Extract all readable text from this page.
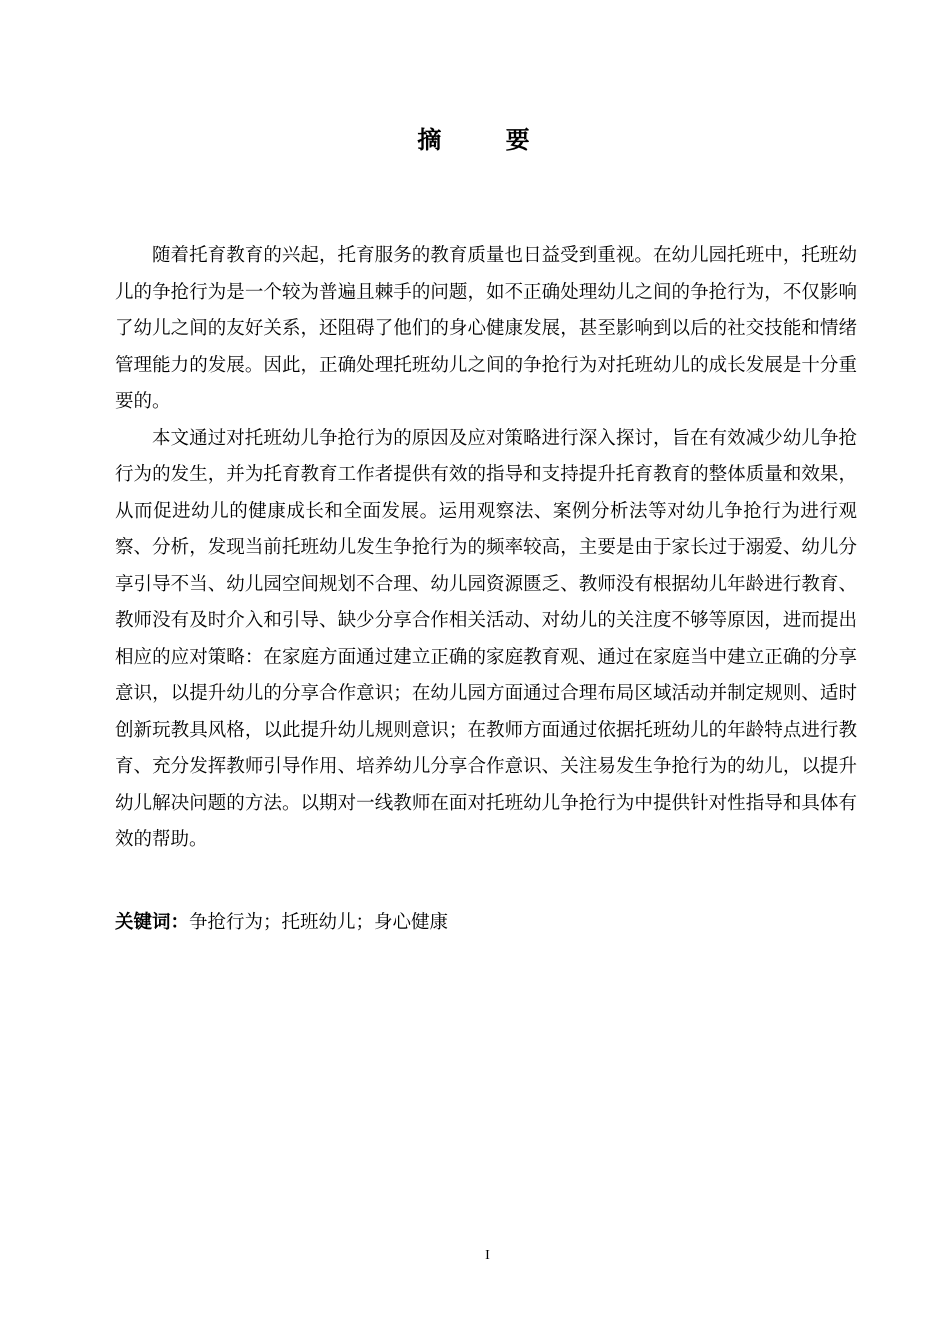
摘 要

随着托育教育的兴起，托育服务的教育质量也日益受到重视。在幼儿园托班中，托班幼儿的争抢行为是一个较为普遍且棘手的问题，如不正确处理幼儿之间的争抢行为，不仅影响了幼儿之间的友好关系，还阻碍了他们的身心健康发展，甚至影响到以后的社交技能和情绪管理能力的发展。因此，正确处理托班幼儿之间的争抢行为对托班幼儿的成长发展是十分重要的。

本文通过对托班幼儿争抢行为的原因及应对策略进行深入探讨，旨在有效减少幼儿争抢行为的发生，并为托育教育工作者提供有效的指导和支持提升托育教育的整体质量和效果，从而促进幼儿的健康成长和全面发展。运用观察法、案例分析法等对幼儿争抢行为进行观察、分析，发现当前托班幼儿发生争抢行为的频率较高，主要是由于家长过于溺爱、幼儿分享引导不当、幼儿园空间规划不合理、幼儿园资源匮乏、教师没有根据幼儿年龄进行教育、教师没有及时介入和引导、缺少分享合作相关活动、对幼儿的关注度不够等原因，进而提出相应的应对策略：在家庭方面通过建立正确的家庭教育观、通过在家庭当中建立正确的分享意识，以提升幼儿的分享合作意识；在幼儿园方面通过合理布局区域活动并制定规则、适时创新玩教具风格，以此提升幼儿规则意识；在教师方面通过依据托班幼儿的年龄特点进行教育、充分发挥教师引导作用、培养幼儿分享合作意识、关注易发生争抢行为的幼儿，以提升幼儿解决问题的方法。以期对一线教师在面对托班幼儿争抢行为中提供针对性指导和具体有效的帮助。

关键词：争抢行为；托班幼儿；身心健康
I
